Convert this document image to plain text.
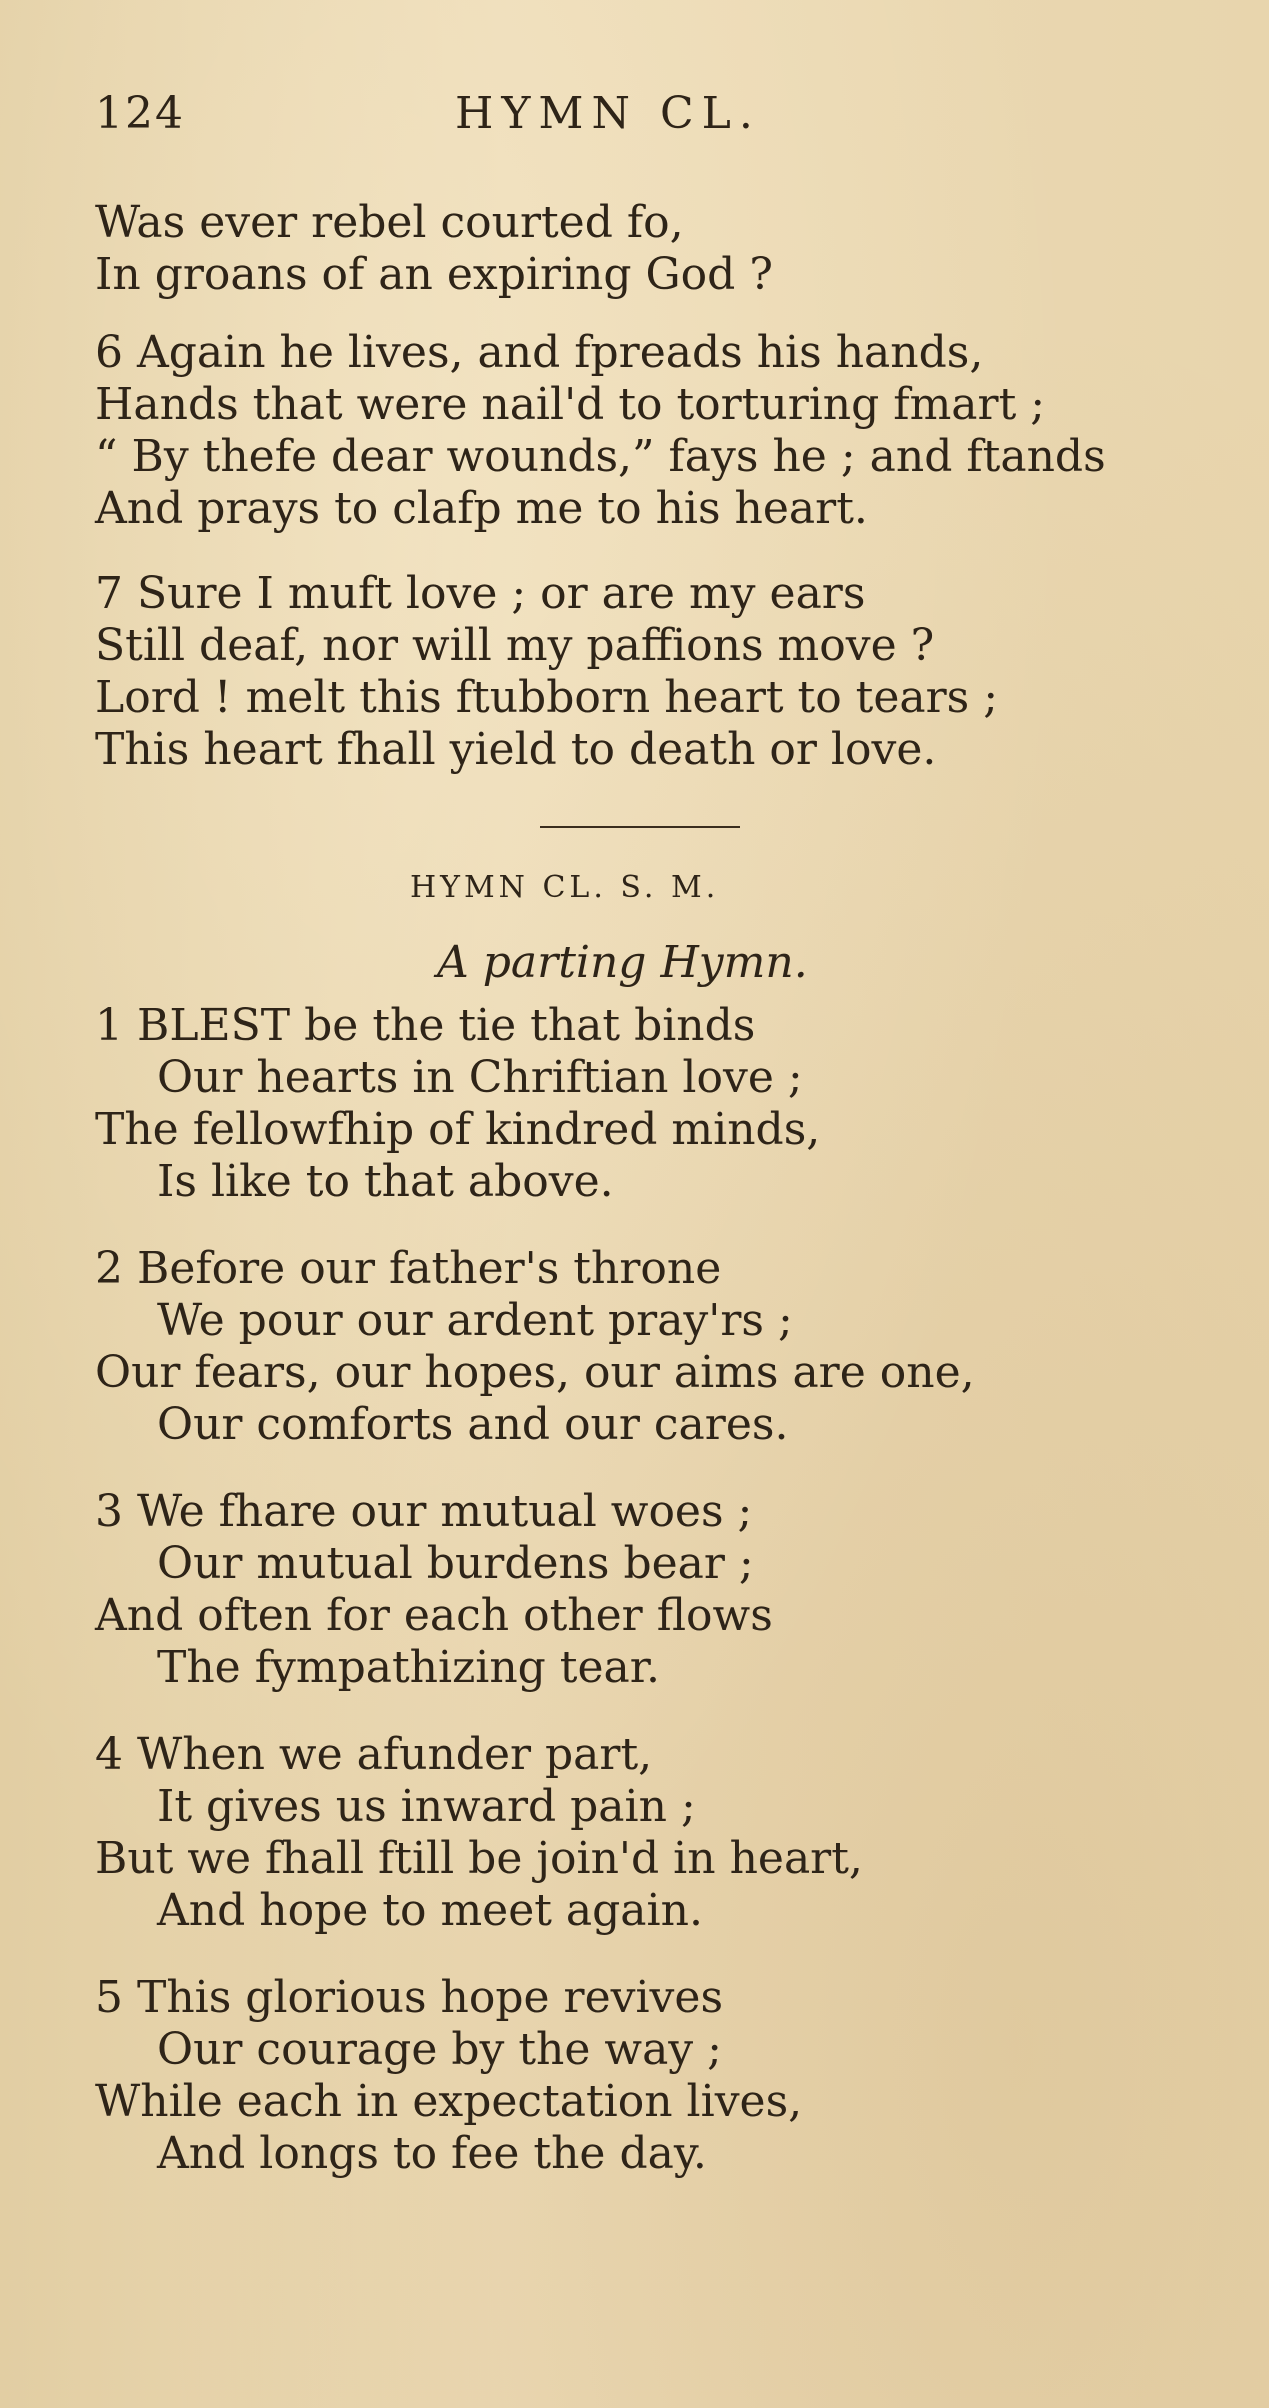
124	HYMN CL.
Was ever rebel courted fo,
In groans of an expiring God ?
6 Again he lives, and fpreads his hands,
Hands that were nail'd to torturing fmart ;
“ By thefe dear wounds,” fays he ; and ftands
And prays to clafp me to his heart.
7 Sure I muft love ; or are my ears
Still deaf, nor will my paffions move ?
Lord ! melt this ftubborn heart to tears ;
This heart fhall yield to death or love.
HYMN CL. S. M.
A parting Hymn.
1 BLEST be the tie that binds
Our hearts in Chriftian love ;
The fellowfhip of kindred minds,
Is like to that above.
2 Before our father's throne
We pour our ardent pray'rs ;
Our fears, our hopes, our aims are one,
Our comforts and our cares.
3 We fhare our mutual woes ;
Our mutual burdens bear ;
And often for each other flows
The fympathizing tear.
4 When we afunder part,
It gives us inward pain ;
But we fhall ftill be join'd in heart,
And hope to meet again.
5 This glorious hope revives
Our courage by the way ;
While each in expectation lives,
And longs to fee the day.
